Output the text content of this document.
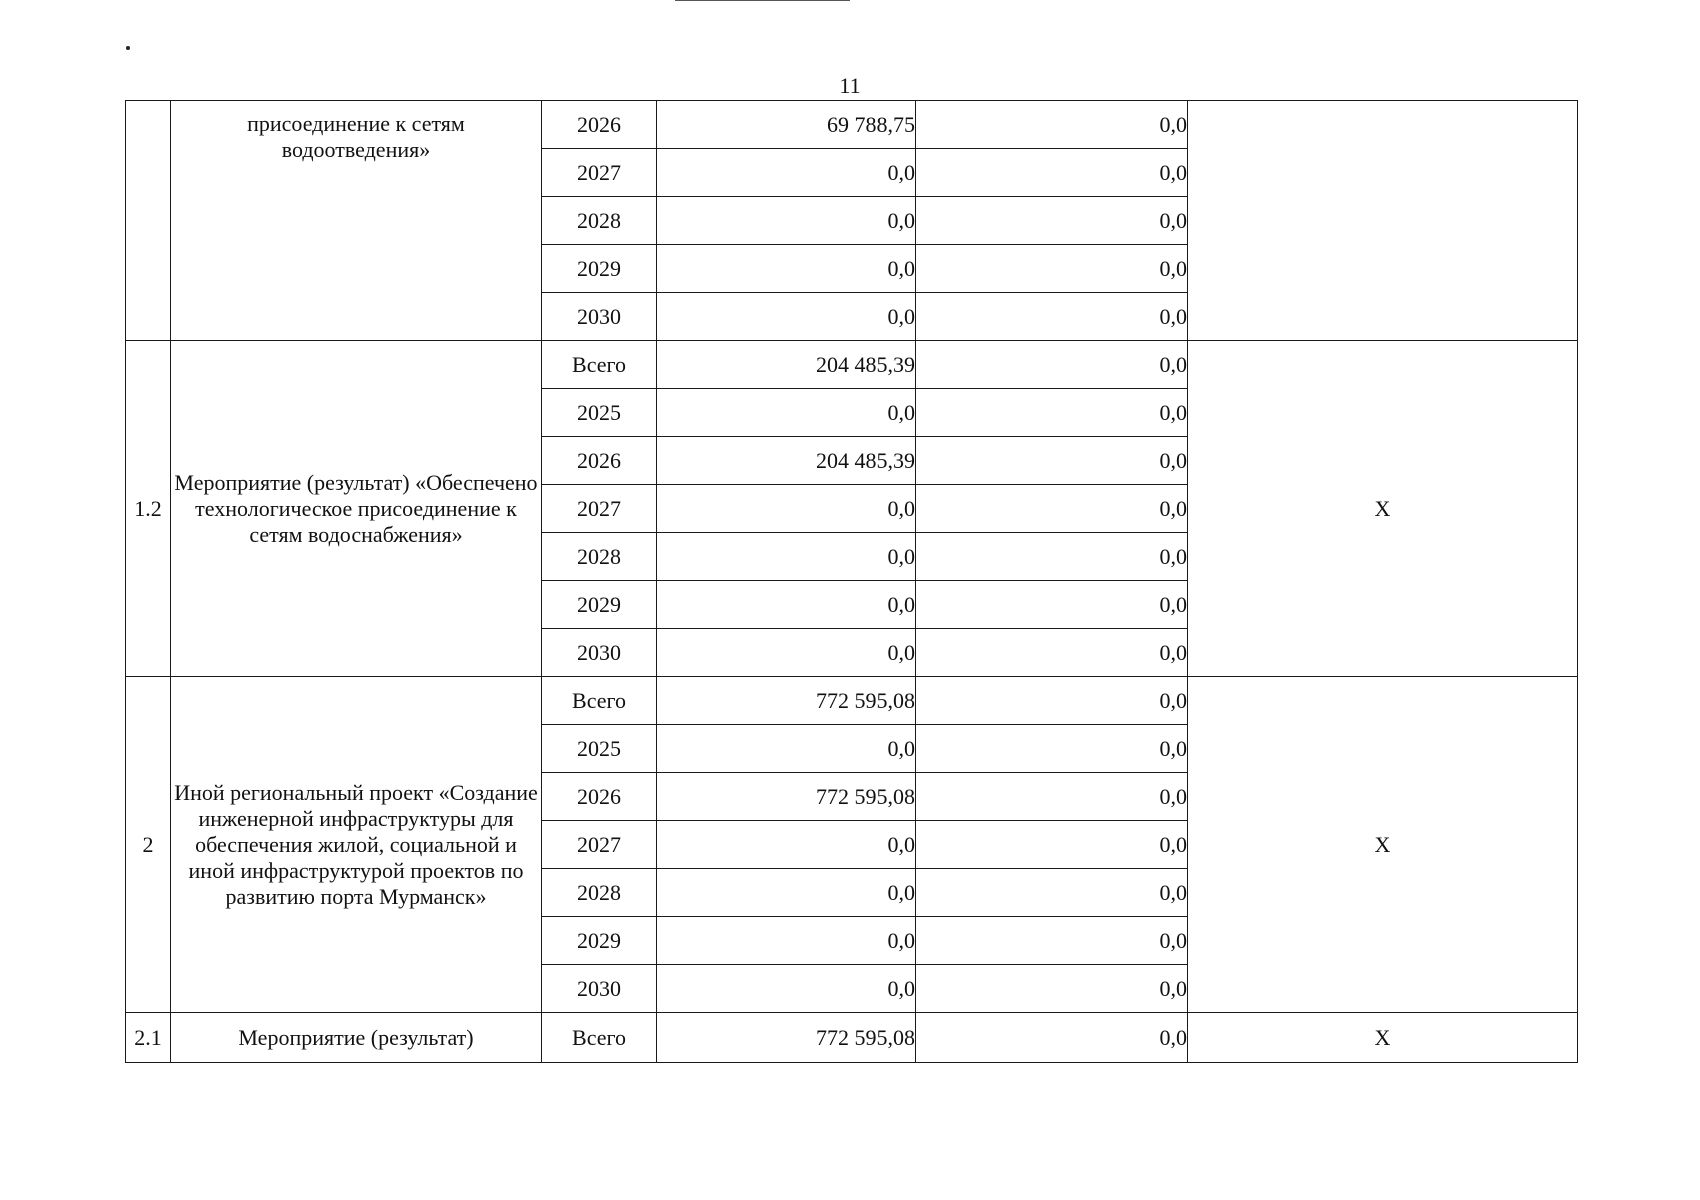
11
	присоединение к сетям водоотведения»	2026	69 788,75	0,0	
		2027	0,0	0,0	
		2028	0,0	0,0	
		2029	0,0	0,0	
		2030	0,0	0,0	
1.2	Мероприятие (результат) «Обеспечено технологическое присоединение к сетям водоснабжения»	Всего	204 485,39	0,0	Х
		2025	0,0	0,0	
		2026	204 485,39	0,0	
		2027	0,0	0,0	
		2028	0,0	0,0	
		2029	0,0	0,0	
		2030	0,0	0,0	
2	Иной региональный проект «Создание инженерной инфраструктуры для обеспечения жилой, социальной и иной инфраструктурой проектов по развитию порта Мурманск»	Всего	772 595,08	0,0	Х
		2025	0,0	0,0	
		2026	772 595,08	0,0	
		2027	0,0	0,0	
		2028	0,0	0,0	
		2029	0,0	0,0	
		2030	0,0	0,0	
2.1	Мероприятие (результат)	Всего	772 595,08	0,0	Х
